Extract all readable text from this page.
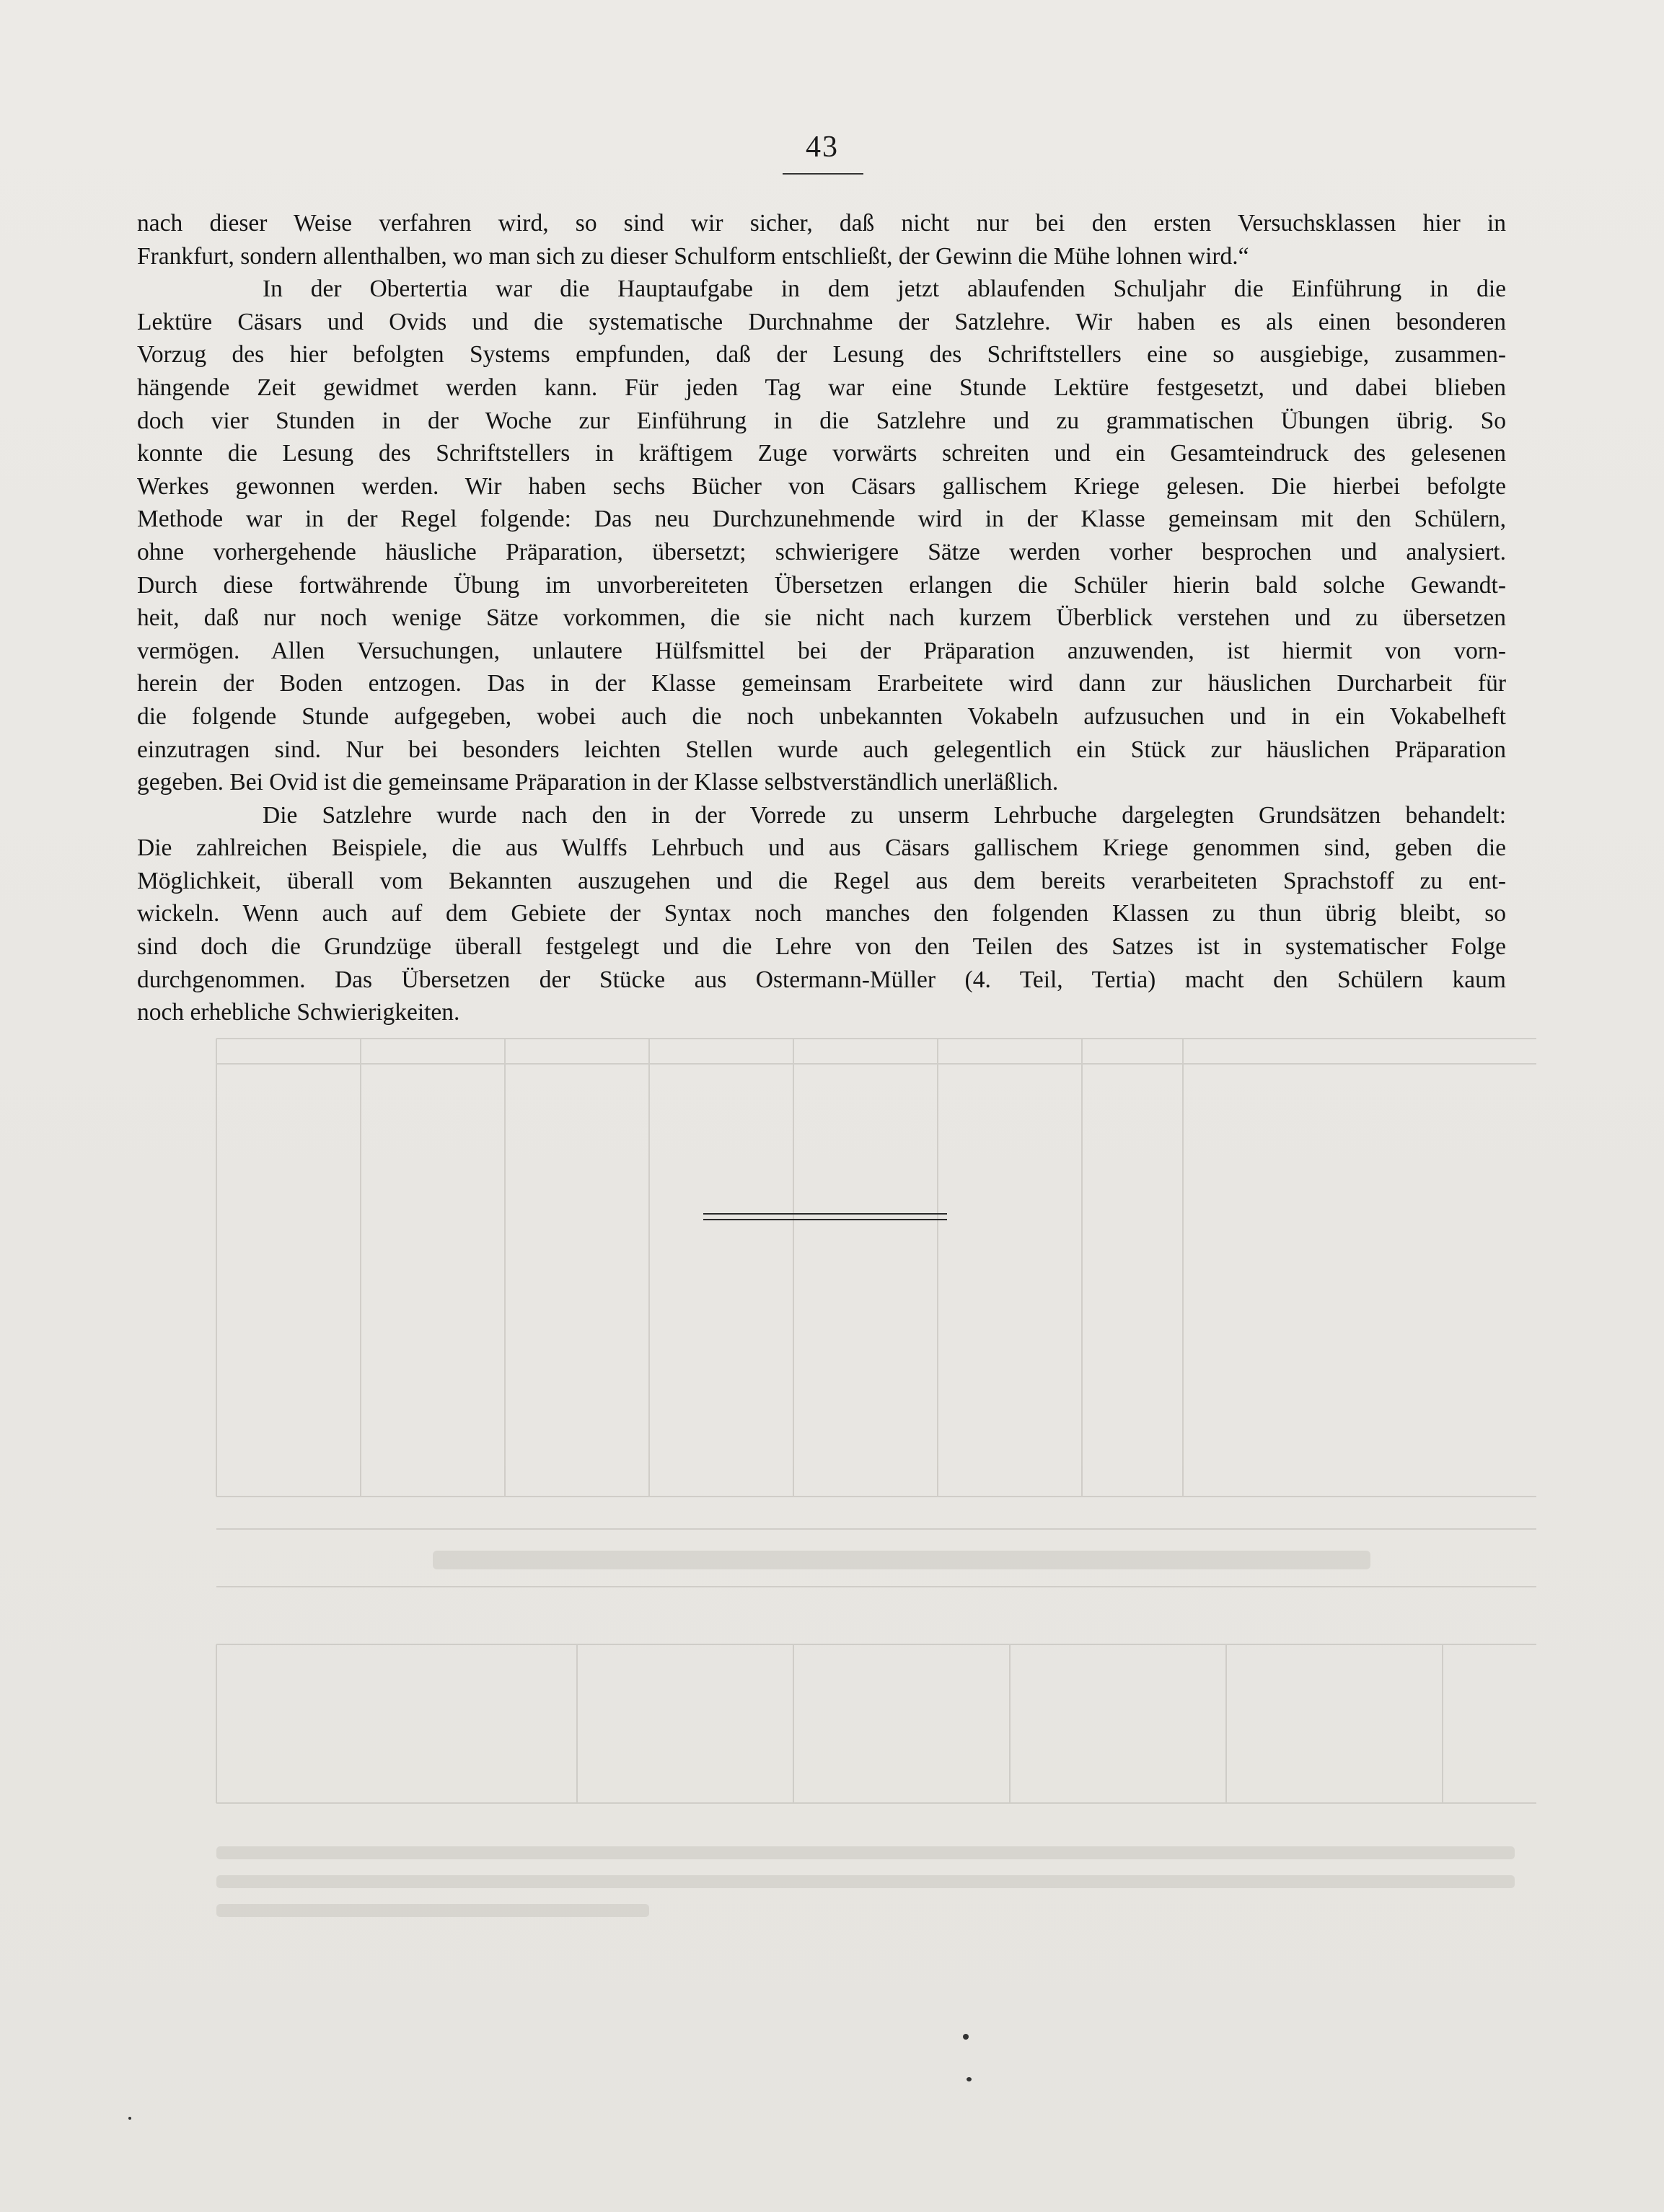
43
nach dieser Weise verfahren wird, so sind wir sicher, daß nicht nur bei den ersten Versuchsklassen hier in
Frankfurt, sondern allenthalben, wo man sich zu dieser Schulform entschließt, der Gewinn die Mühe lohnen wird.“
In der Obertertia war die Hauptaufgabe in dem jetzt ablaufenden Schuljahr die Einführung in die
Lektüre Cäsars und Ovids und die systematische Durchnahme der Satzlehre. Wir haben es als einen besonderen
Vorzug des hier befolgten Systems empfunden, daß der Lesung des Schriftstellers eine so ausgiebige, zusammen-
hängende Zeit gewidmet werden kann. Für jeden Tag war eine Stunde Lektüre festgesetzt, und dabei blieben
doch vier Stunden in der Woche zur Einführung in die Satzlehre und zu grammatischen Übungen übrig. So
konnte die Lesung des Schriftstellers in kräftigem Zuge vorwärts schreiten und ein Gesamteindruck des gelesenen
Werkes gewonnen werden. Wir haben sechs Bücher von Cäsars gallischem Kriege gelesen. Die hierbei befolgte
Methode war in der Regel folgende: Das neu Durchzunehmende wird in der Klasse gemeinsam mit den Schülern,
ohne vorhergehende häusliche Präparation, übersetzt; schwierigere Sätze werden vorher besprochen und analysiert.
Durch diese fortwährende Übung im unvorbereiteten Übersetzen erlangen die Schüler hierin bald solche Gewandt-
heit, daß nur noch wenige Sätze vorkommen, die sie nicht nach kurzem Überblick verstehen und zu übersetzen
vermögen. Allen Versuchungen, unlautere Hülfsmittel bei der Präparation anzuwenden, ist hiermit von vorn-
herein der Boden entzogen. Das in der Klasse gemeinsam Erarbeitete wird dann zur häuslichen Durcharbeit für
die folgende Stunde aufgegeben, wobei auch die noch unbekannten Vokabeln aufzusuchen und in ein Vokabelheft
einzutragen sind. Nur bei besonders leichten Stellen wurde auch gelegentlich ein Stück zur häuslichen Präparation
gegeben. Bei Ovid ist die gemeinsame Präparation in der Klasse selbstverständlich unerläßlich.
Die Satzlehre wurde nach den in der Vorrede zu unserm Lehrbuche dargelegten Grundsätzen behandelt:
Die zahlreichen Beispiele, die aus Wulffs Lehrbuch und aus Cäsars gallischem Kriege genommen sind, geben die
Möglichkeit, überall vom Bekannten auszugehen und die Regel aus dem bereits verarbeiteten Sprachstoff zu ent-
wickeln. Wenn auch auf dem Gebiete der Syntax noch manches den folgenden Klassen zu thun übrig bleibt, so
sind doch die Grundzüge überall festgelegt und die Lehre von den Teilen des Satzes ist in systematischer Folge
durchgenommen. Das Übersetzen der Stücke aus Ostermann-Müller (4. Teil, Tertia) macht den Schülern kaum
noch erhebliche Schwierigkeiten.
